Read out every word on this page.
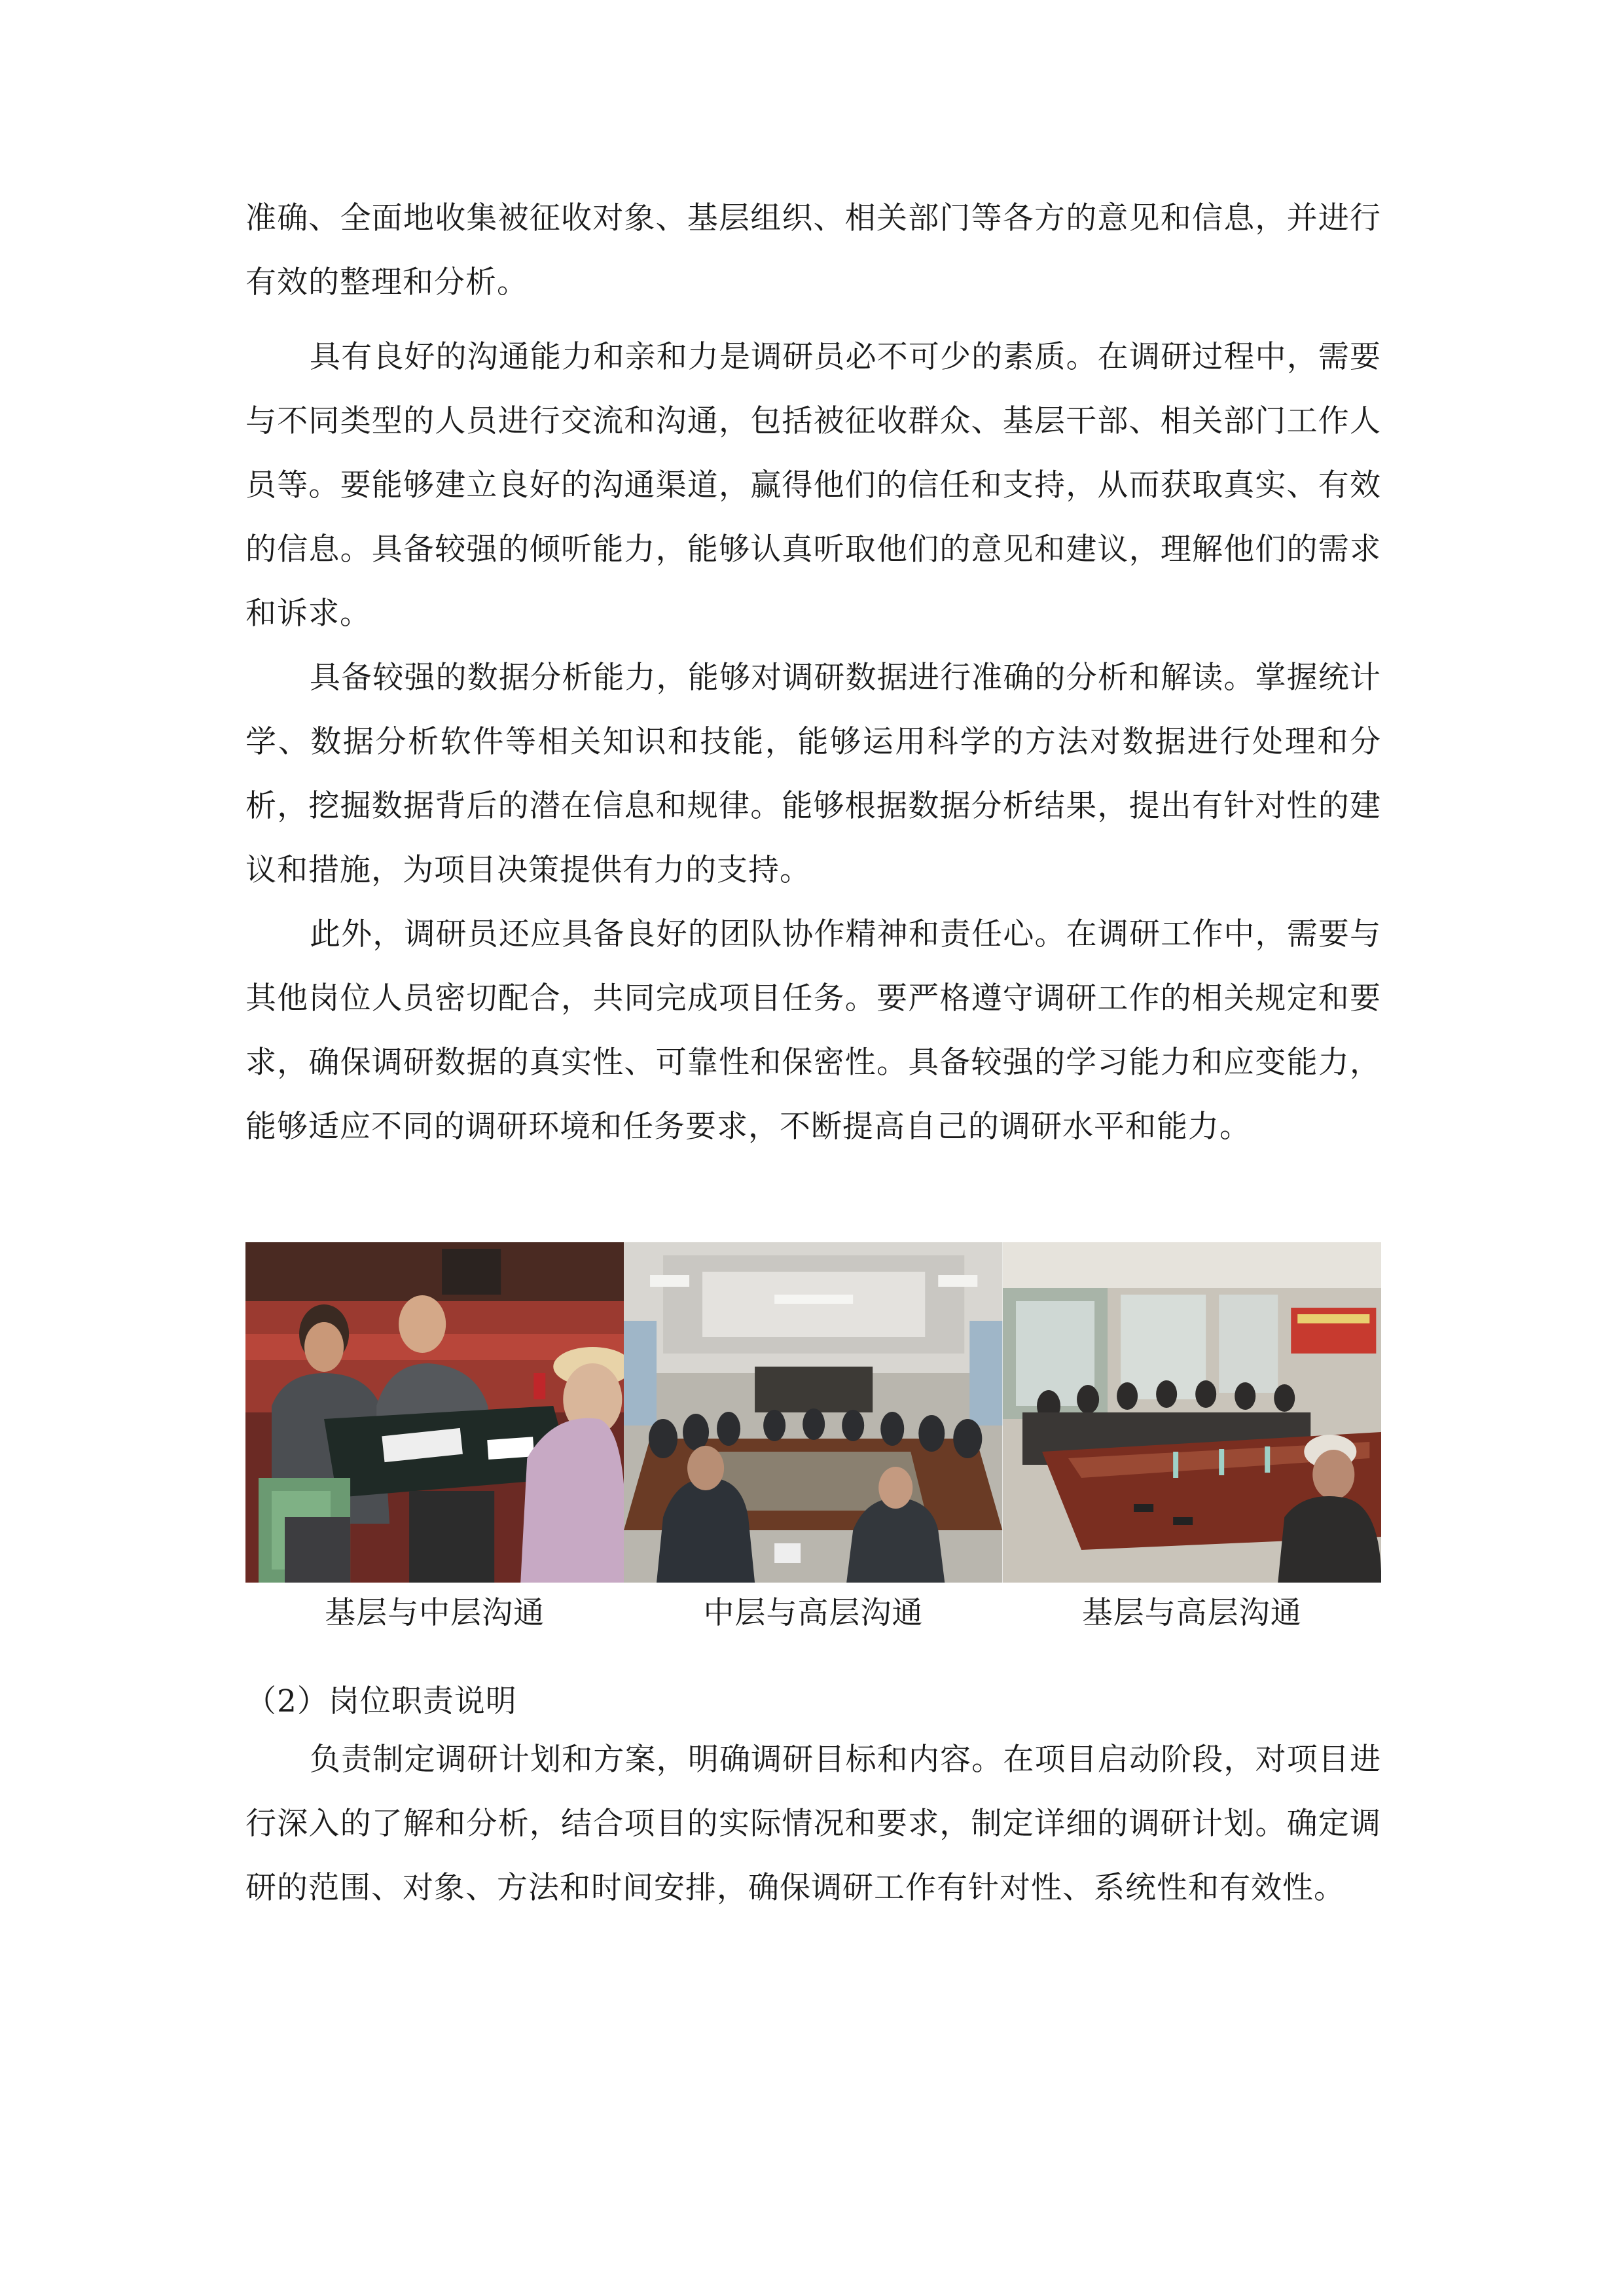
准确、全面地收集被征收对象、基层组织、相关部门等各方的意见和信息，并进行有效的整理和分析。

具有良好的沟通能力和亲和力是调研员必不可少的素质。在调研过程中，需要与不同类型的人员进行交流和沟通，包括被征收群众、基层干部、相关部门工作人员等。要能够建立良好的沟通渠道，赢得他们的信任和支持，从而获取真实、有效的信息。具备较强的倾听能力，能够认真听取他们的意见和建议，理解他们的需求和诉求。

具备较强的数据分析能力，能够对调研数据进行准确的分析和解读。掌握统计学、数据分析软件等相关知识和技能，能够运用科学的方法对数据进行处理和分析，挖掘数据背后的潜在信息和规律。能够根据数据分析结果，提出有针对性的建议和措施，为项目决策提供有力的支持。

此外，调研员还应具备良好的团队协作精神和责任心。在调研工作中，需要与其他岗位人员密切配合，共同完成项目任务。要严格遵守调研工作的相关规定和要求，确保调研数据的真实性、可靠性和保密性。具备较强的学习能力和应变能力，能够适应不同的调研环境和任务要求，不断提高自己的调研水平和能力。

基层与中层沟通	中层与高层沟通	基层与高层沟通
（2）岗位职责说明

负责制定调研计划和方案，明确调研目标和内容。在项目启动阶段，对项目进行深入的了解和分析，结合项目的实际情况和要求，制定详细的调研计划。确定调研的范围、对象、方法和时间安排，确保调研工作有针对性、系统性和有效性。
